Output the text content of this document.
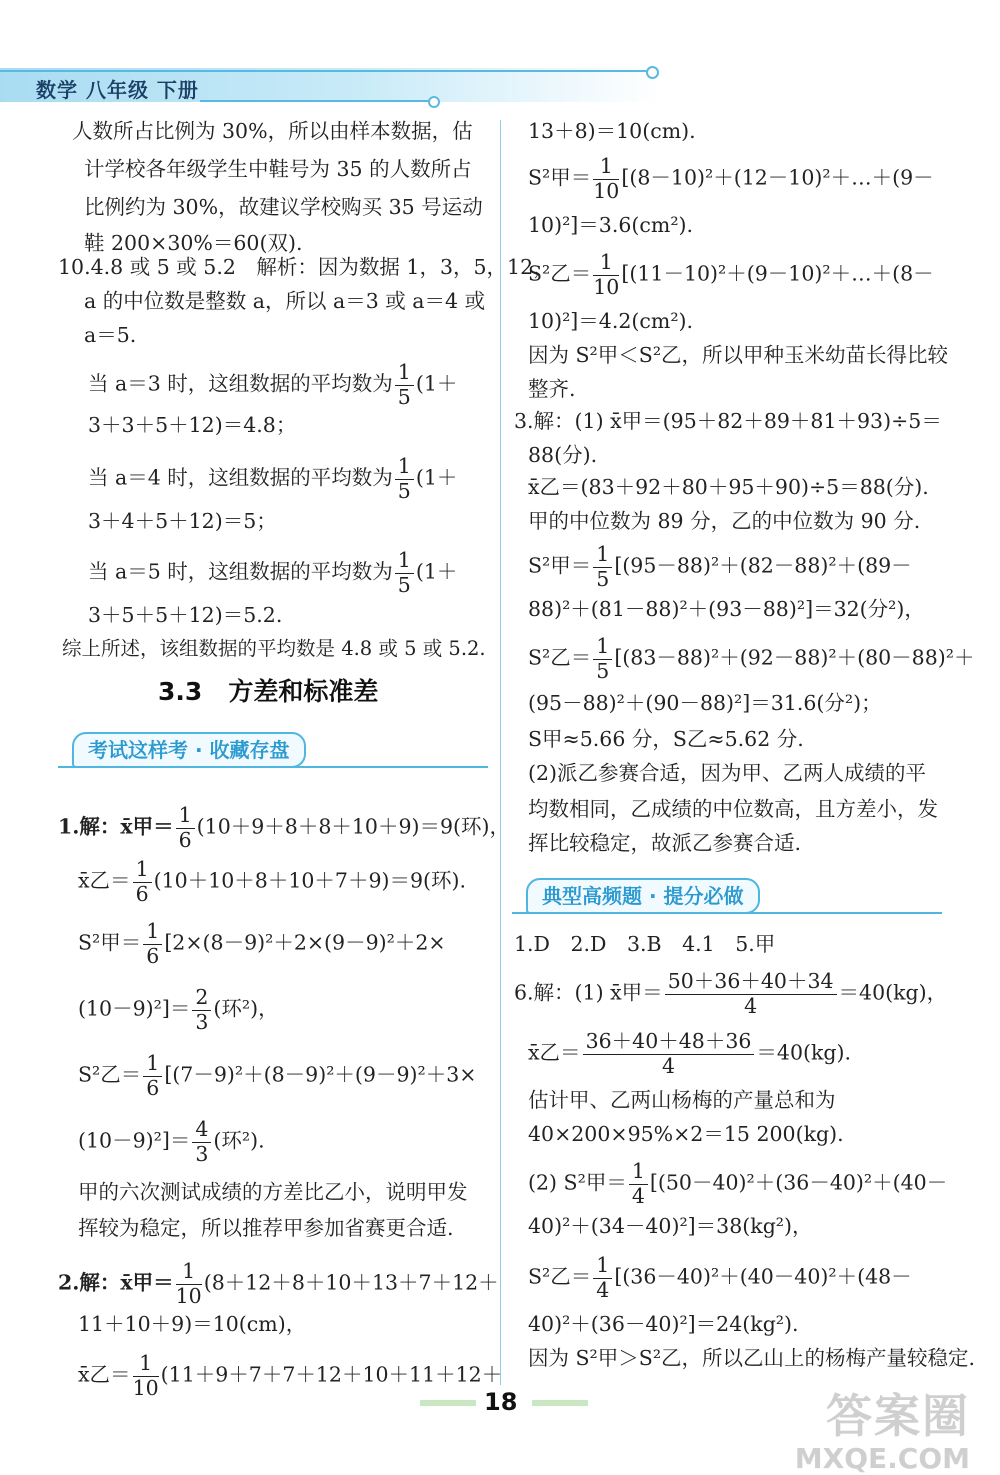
数学 八年级 下册
人数所占比例为 30%，所以由样本数据，估
计学校各年级学生中鞋号为 35 的人数所占
比例约为 30%，故建议学校购买 35 号运动
鞋 200×30%＝60(双).
10.4.8 或 5 或 5.2　解析：因为数据 1，3，5，12，
a 的中位数是整数 a，所以 a＝3 或 a＝4 或
a＝5.
当 a＝3 时，这组数据的平均数为 $\frac{1}{5} (1+$
3＋3＋5＋12)＝4.8；
当 a＝4 时，这组数据的平均数为 $\frac{1}{5} (1+$
3＋4＋5＋12)＝5；
当 a＝5 时，这组数据的平均数为 $\frac{1}{5} (1+$
3＋5＋5＋12)＝5.2.
综上所述，该组数据的平均数是 4.8 或 5 或 5.2.
3.3 方差和标准差
考试这样考 · 收藏存盘
1.解：x̄甲＝ $\frac{1}{6} (10+9+8+8+10+9)=9$(环)，
x̄乙＝ $\frac{1}{6} (10+10+8+10+7+9)=9$(环).
S²甲＝ $\frac{1}{6} [2\times(8-9)^2+2\times(9-9)^2+2\times$
$(10-9)^2]= \frac{2}{3}$ (环²)，
S²乙＝ $\frac{1}{6} [(7-9)^2+(8-9)^2+(9-9)^2+3\times$
$(10-9)^2]= \frac{4}{3}$ (环²).
甲的六次测试成绩的方差比乙小，说明甲发
挥较为稳定，所以推荐甲参加省赛更合适.
2.解：x̄甲＝ $\frac{1}{10} (8+12+8+10+13+7+12+$
11＋10＋9)＝10(cm)，
x̄乙＝ $\frac{1}{10} (11+9+7+7+12+10+11+12+$
13＋8)＝10(cm).
S²甲＝ $\frac{1}{10}$ [(8－10)²＋(12－10)²＋…＋(9－
10)²]＝3.6(cm²).
S²乙＝ $\frac{1}{10}$ [(11－10)²＋(9－10)²＋…＋(8－
10)²]＝4.2(cm²).
因为 S²甲＜S²乙，所以甲种玉米幼苗长得比较
整齐.
3.解：(1) x̄甲＝(95＋82＋89＋81＋93)÷5＝
88(分).
x̄乙＝(83＋92＋80＋95＋90)÷5＝88(分).
甲的中位数为 89 分，乙的中位数为 90 分.
S²甲＝ $\frac{1}{5} [(95-88)^2+(82-88)^2+(89-$
88)²＋(81－88)²＋(93－88)²]＝32(分²)，
S²乙＝ $\frac{1}{5} [(83-88)^2+(92-88)^2+(80-88)^2+$
(95－88)²＋(90－88)²]＝31.6(分²)；
S甲≈5.66 分，S乙≈5.62 分.
(2)派乙参赛合适，因为甲、乙两人成绩的平
均数相同，乙成绩的中位数高，且方差小，发
挥比较稳定，故派乙参赛合适.
典型高频题 · 提分必做
1.D　2.D　3.B　4.1　5.甲
6.解：(1) x̄甲＝ $\frac{50+36+40+34}{4} =40(kg)$，
x̄乙＝ $\frac{36+40+48+36}{4} =40(kg)$.
估计甲、乙两山杨梅的产量总和为
40×200×95%×2＝15 200(kg).
(2) S²甲＝ $\frac{1}{4} [(50-40)^2+(36-40)^2+(40-$
40)²＋(34－40)²]＝38(kg²)，
S²乙＝ $\frac{1}{4} [(36-40)^2+(40-40)^2+(48-$
40)²＋(36－40)²]＝24(kg²).
因为 S²甲＞S²乙，所以乙山上的杨梅产量较稳定.
18	答案圈
MXQE.COM
